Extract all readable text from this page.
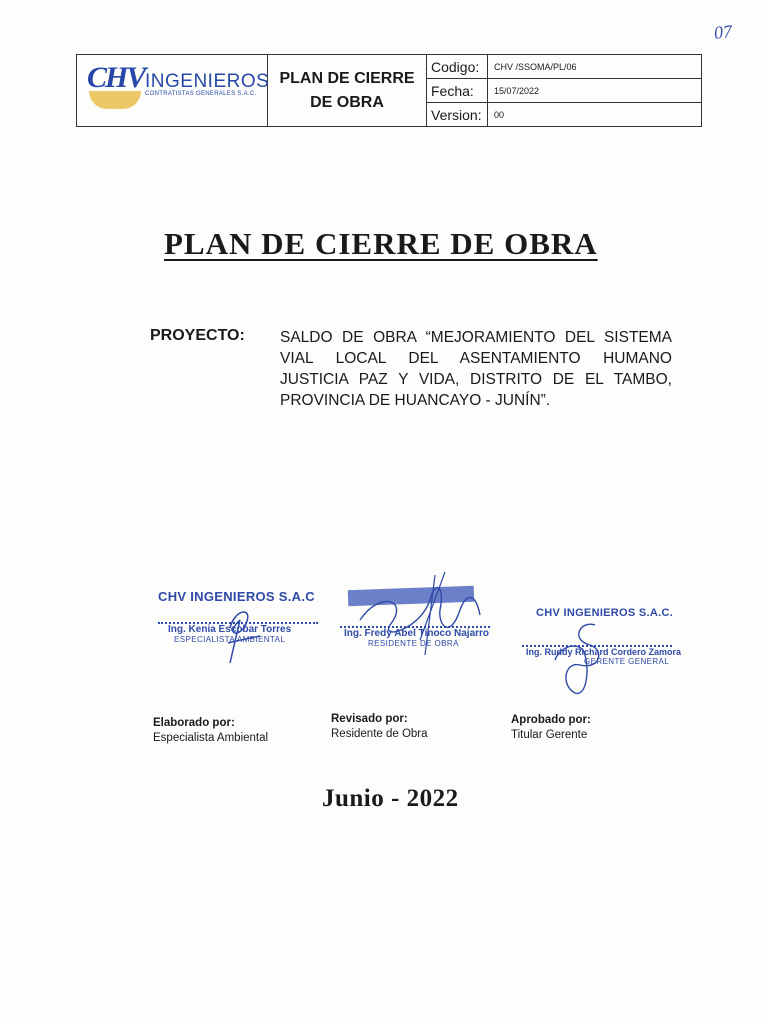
07
CHV INGENIEROS
CONTRATISTAS GENERALES S.A.C.	PLAN DE CIERRE DE OBRA	Codigo:	CHV /SSOMA/PL/06
		Fecha:	15/07/2022
		Version:	00
PLAN DE CIERRE DE OBRA
PROYECTO: SALDO DE OBRA “MEJORAMIENTO DEL SISTEMA VIAL LOCAL DEL ASENTAMIENTO HUMANO JUSTICIA PAZ Y VIDA, DISTRITO DE EL TAMBO, PROVINCIA DE HUANCAYO - JUNÍN”.
CHV INGENIEROS S.A.C
Ing. Kenia Escobar Torres
ESPECIALISTA AMBIENTAL
Ing. Fredy Abel Tinoco Najarro
RESIDENTE DE OBRA
CHV INGENIEROS S.A.C.
Ing. Ruddy Richard Cordero Zamora
GERENTE GENERAL
Elaborado por:
Especialista Ambiental
Revisado por:
Residente de Obra
Aprobado por:
Titular Gerente
Junio - 2022
